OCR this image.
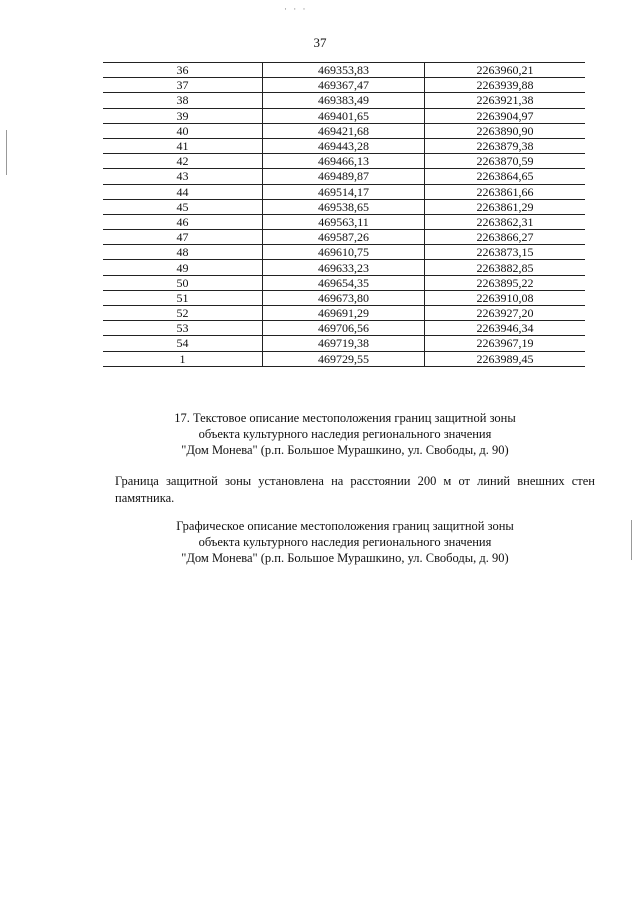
· · ·
37
36	469353,83	2263960,21
37	469367,47	2263939,88
38	469383,49	2263921,38
39	469401,65	2263904,97
40	469421,68	2263890,90
41	469443,28	2263879,38
42	469466,13	2263870,59
43	469489,87	2263864,65
44	469514,17	2263861,66
45	469538,65	2263861,29
46	469563,11	2263862,31
47	469587,26	2263866,27
48	469610,75	2263873,15
49	469633,23	2263882,85
50	469654,35	2263895,22
51	469673,80	2263910,08
52	469691,29	2263927,20
53	469706,56	2263946,34
54	469719,38	2263967,19
1	469729,55	2263989,45
17. Текстовое описание местоположения границ защитной зоны
объекта культурного наследия регионального значения
"Дом Монева" (р.п. Большое Мурашкино, ул. Свободы, д. 90)
Граница защитной зоны установлена на расстоянии 200 м от линий внешних стен памятника.
Графическое описание местоположения границ защитной зоны
объекта культурного наследия регионального значения
"Дом Монева" (р.п. Большое Мурашкино, ул. Свободы, д. 90)
